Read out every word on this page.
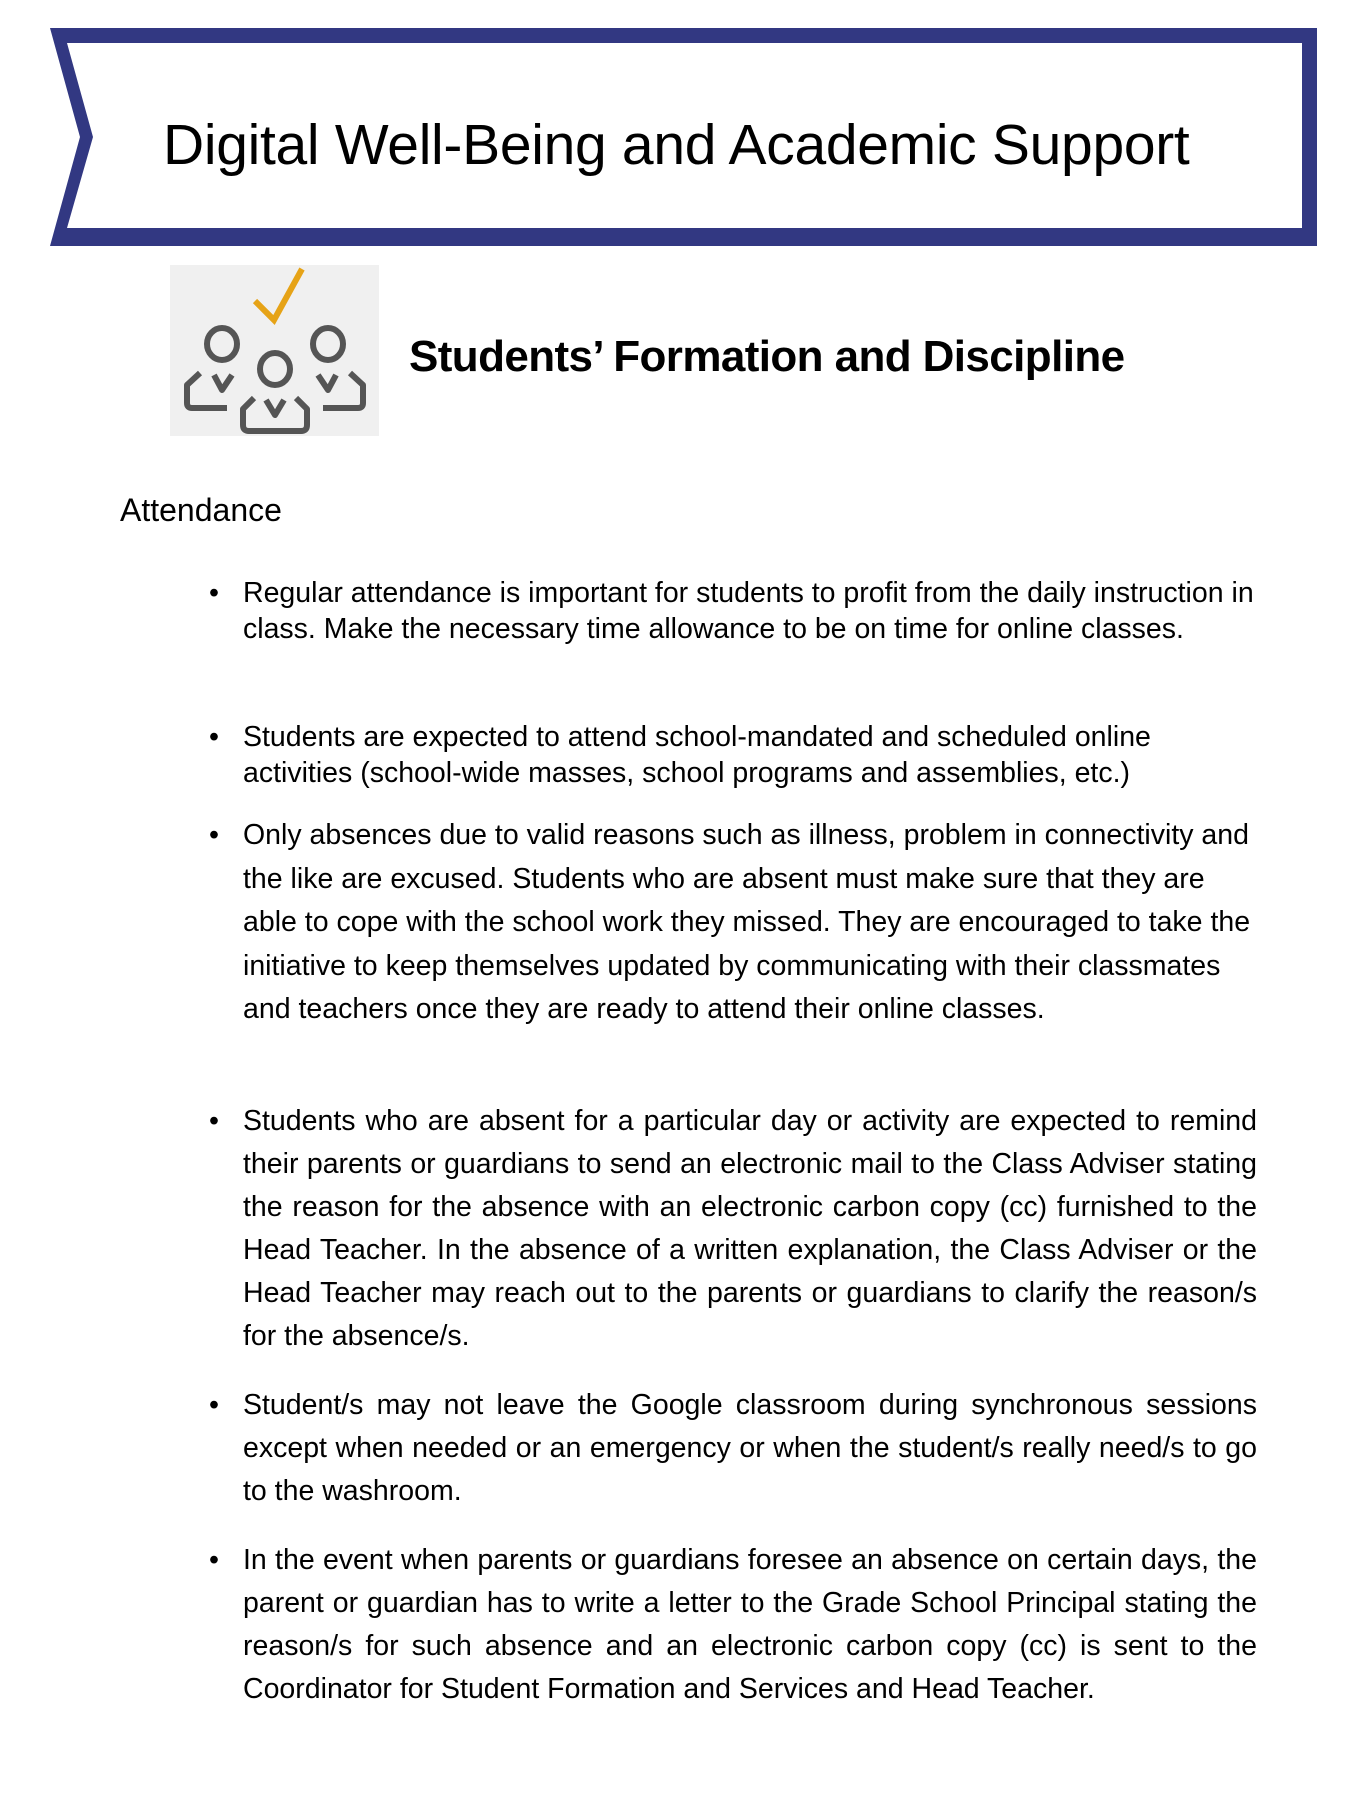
Digital Well-Being and Academic Support
Students’ Formation and Discipline
Attendance
• Regular attendance is important for students to profit from the daily instruction in class. Make the necessary time allowance to be on time for online classes.
• Students are expected to attend school-mandated and scheduled online activities (school-wide masses, school programs and assemblies, etc.)
• Only absences due to valid reasons such as illness, problem in connectivity and the like are excused. Students who are absent must make sure that they are able to cope with the school work they missed. They are encouraged to take the initiative to keep themselves updated by communicating with their classmates and teachers once they are ready to attend their online classes.
• Students who are absent for a particular day or activity are expected to remind their parents or guardians to send an electronic mail to the Class Adviser stating the reason for the absence with an electronic carbon copy (cc) furnished to the Head Teacher. In the absence of a written explanation, the Class Adviser or the Head Teacher may reach out to the parents or guardians to clarify the reason/s for the absence/s.
• Student/s may not leave the Google classroom during synchronous sessions except when needed or an emergency or when the student/s really need/s to go to the washroom.
• In the event when parents or guardians foresee an absence on certain days, the parent or guardian has to write a letter to the Grade School Principal stating the reason/s for such absence and an electronic carbon copy (cc) is sent to the Coordinator for Student Formation and Services and Head Teacher.
